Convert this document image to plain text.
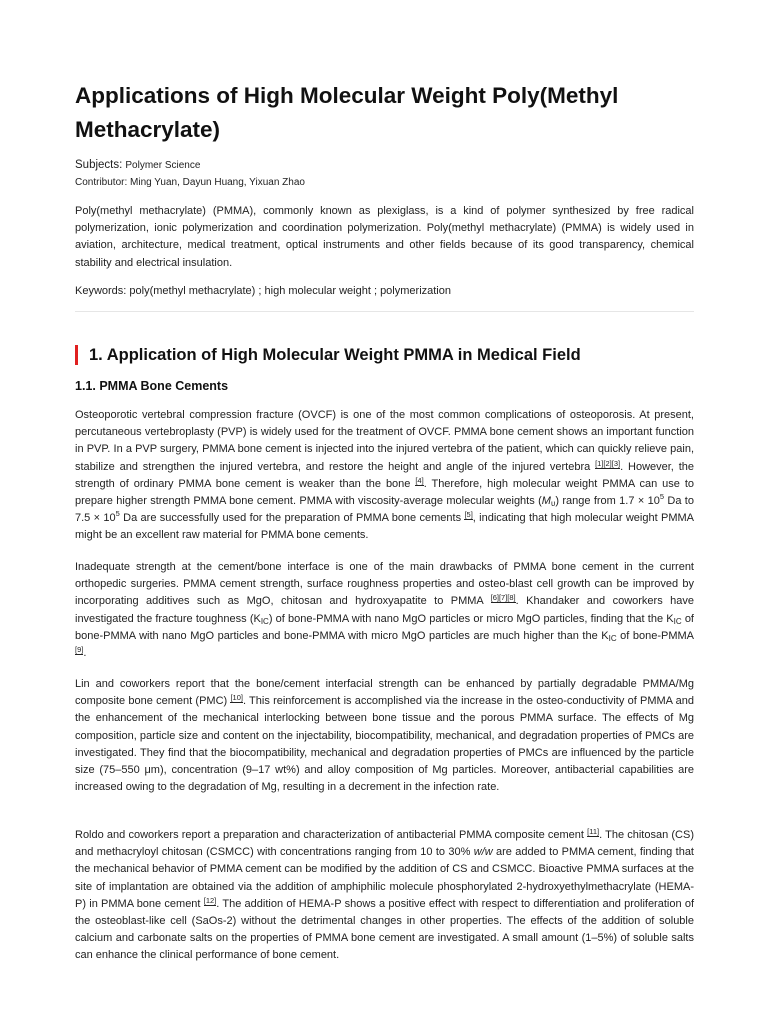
Applications of High Molecular Weight Poly(Methyl Methacrylate)
Subjects: Polymer Science
Contributor: Ming Yuan, Dayun Huang, Yixuan Zhao

Poly(methyl methacrylate) (PMMA), commonly known as plexiglass, is a kind of polymer synthesized by free radical polymerization, ionic polymerization and coordination polymerization. Poly(methyl methacrylate) (PMMA) is widely used in aviation, architecture, medical treatment, optical instruments and other fields because of its good transparency, chemical stability and electrical insulation.

Keywords: poly(methyl methacrylate) ; high molecular weight ; polymerization
1. Application of High Molecular Weight PMMA in Medical Field
1.1. PMMA Bone Cements

Osteoporotic vertebral compression fracture (OVCF) is one of the most common complications of osteoporosis. At present, percutaneous vertebroplasty (PVP) is widely used for the treatment of OVCF. PMMA bone cement shows an important function in PVP. In a PVP surgery, PMMA bone cement is injected into the injured vertebra of the patient, which can quickly relieve pain, stabilize and strengthen the injured vertebra, and restore the height and angle of the injured vertebra [1][2][3]. However, the strength of ordinary PMMA bone cement is weaker than the bone [4]. Therefore, high molecular weight PMMA can use to prepare higher strength PMMA bone cement. PMMA with viscosity-average molecular weights $(M_\upsilon)$ range from $1.7 \times 10^5$ Da to $7.5 \times 10^5$ Da are successfully used for the preparation of PMMA bone cements [5], indicating that high molecular weight PMMA might be an excellent raw material for PMMA bone cements.

Inadequate strength at the cement/bone interface is one of the main drawbacks of PMMA bone cement in the current orthopedic surgeries. PMMA cement strength, surface roughness properties and osteo-blast cell growth can be improved by incorporating additives such as MgO, chitosan and hydroxyapatite to PMMA [6][7][8]. Khandaker and coworkers have investigated the fracture toughness $(K_{IC})$ of bone-PMMA with nano MgO particles or micro MgO particles, finding that the $K_{IC}$ of bone-PMMA with nano MgO particles and bone-PMMA with micro MgO particles are much higher than the $K_{IC}$ of bone-PMMA [9].

Lin and coworkers report that the bone/cement interfacial strength can be enhanced by partially degradable PMMA/Mg composite bone cement (PMC) [10]. This reinforcement is accomplished via the increase in the osteo-conductivity of PMMA and the enhancement of the mechanical interlocking between bone tissue and the porous PMMA surface. The effects of Mg composition, particle size and content on the injectability, biocompatibility, mechanical, and degradation properties of PMCs are investigated. They find that the biocompatibility, mechanical and degradation properties of PMCs are influenced by the particle size (75–550 μm), concentration (9–17 wt%) and alloy composition of Mg particles. Moreover, antibacterial capabilities are increased owing to the degradation of Mg, resulting in a decrement in the infection rate.

Roldo and coworkers report a preparation and characterization of antibacterial PMMA composite cement [11]. The chitosan (CS) and methacryloyl chitosan (CSMCC) with concentrations ranging from 10 to 30% w/w are added to PMMA cement, finding that the mechanical behavior of PMMA cement can be modified by the addition of CS and CSMCC. Bioactive PMMA surfaces at the site of implantation are obtained via the addition of amphiphilic molecule phosphorylated 2-hydroxyethylmethacrylate (HEMA-P) in PMMA bone cement [12]. The addition of HEMA-P shows a positive effect with respect to differentiation and proliferation of the osteoblast-like cell (SaOs-2) without the detrimental changes in other properties. The effects of the addition of soluble calcium and carbonate salts on the properties of PMMA bone cement are investigated. A small amount (1–5%) of soluble salts can enhance the clinical performance of bone cement.
